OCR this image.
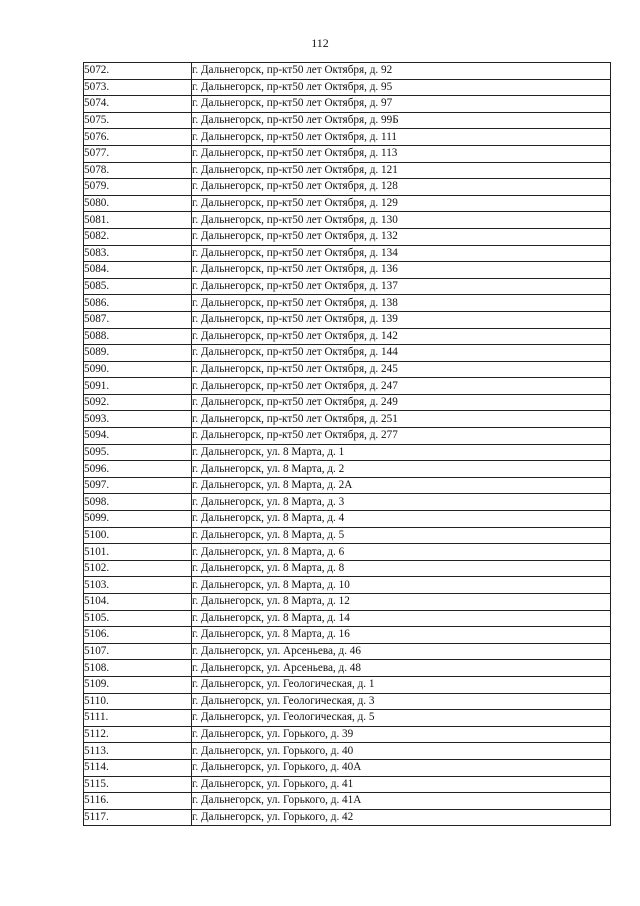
112
5072.	г. Дальнегорск, пр-кт50 лет Октября, д. 92
5073.	г. Дальнегорск, пр-кт50 лет Октября, д. 95
5074.	г. Дальнегорск, пр-кт50 лет Октября, д. 97
5075.	г. Дальнегорск, пр-кт50 лет Октября, д. 99Б
5076.	г. Дальнегорск, пр-кт50 лет Октября, д. 111
5077.	г. Дальнегорск, пр-кт50 лет Октября, д. 113
5078.	г. Дальнегорск, пр-кт50 лет Октября, д. 121
5079.	г. Дальнегорск, пр-кт50 лет Октября, д. 128
5080.	г. Дальнегорск, пр-кт50 лет Октября, д. 129
5081.	г. Дальнегорск, пр-кт50 лет Октября, д. 130
5082.	г. Дальнегорск, пр-кт50 лет Октября, д. 132
5083.	г. Дальнегорск, пр-кт50 лет Октября, д. 134
5084.	г. Дальнегорск, пр-кт50 лет Октября, д. 136
5085.	г. Дальнегорск, пр-кт50 лет Октября, д. 137
5086.	г. Дальнегорск, пр-кт50 лет Октября, д. 138
5087.	г. Дальнегорск, пр-кт50 лет Октября, д. 139
5088.	г. Дальнегорск, пр-кт50 лет Октября, д. 142
5089.	г. Дальнегорск, пр-кт50 лет Октября, д. 144
5090.	г. Дальнегорск, пр-кт50 лет Октября, д. 245
5091.	г. Дальнегорск, пр-кт50 лет Октября, д. 247
5092.	г. Дальнегорск, пр-кт50 лет Октября, д. 249
5093.	г. Дальнегорск, пр-кт50 лет Октября, д. 251
5094.	г. Дальнегорск, пр-кт50 лет Октября, д. 277
5095.	г. Дальнегорск, ул. 8 Марта, д. 1
5096.	г. Дальнегорск, ул. 8 Марта, д. 2
5097.	г. Дальнегорск, ул. 8 Марта, д. 2А
5098.	г. Дальнегорск, ул. 8 Марта, д. 3
5099.	г. Дальнегорск, ул. 8 Марта, д. 4
5100.	г. Дальнегорск, ул. 8 Марта, д. 5
5101.	г. Дальнегорск, ул. 8 Марта, д. 6
5102.	г. Дальнегорск, ул. 8 Марта, д. 8
5103.	г. Дальнегорск, ул. 8 Марта, д. 10
5104.	г. Дальнегорск, ул. 8 Марта, д. 12
5105.	г. Дальнегорск, ул. 8 Марта, д. 14
5106.	г. Дальнегорск, ул. 8 Марта, д. 16
5107.	г. Дальнегорск, ул. Арсеньева, д. 46
5108.	г. Дальнегорск, ул. Арсеньева, д. 48
5109.	г. Дальнегорск, ул. Геологическая, д. 1
5110.	г. Дальнегорск, ул. Геологическая, д. 3
5111.	г. Дальнегорск, ул. Геологическая, д. 5
5112.	г. Дальнегорск, ул. Горького, д. 39
5113.	г. Дальнегорск, ул. Горького, д. 40
5114.	г. Дальнегорск, ул. Горького, д. 40А
5115.	г. Дальнегорск, ул. Горького, д. 41
5116.	г. Дальнегорск, ул. Горького, д. 41А
5117.	г. Дальнегорск, ул. Горького, д. 42
